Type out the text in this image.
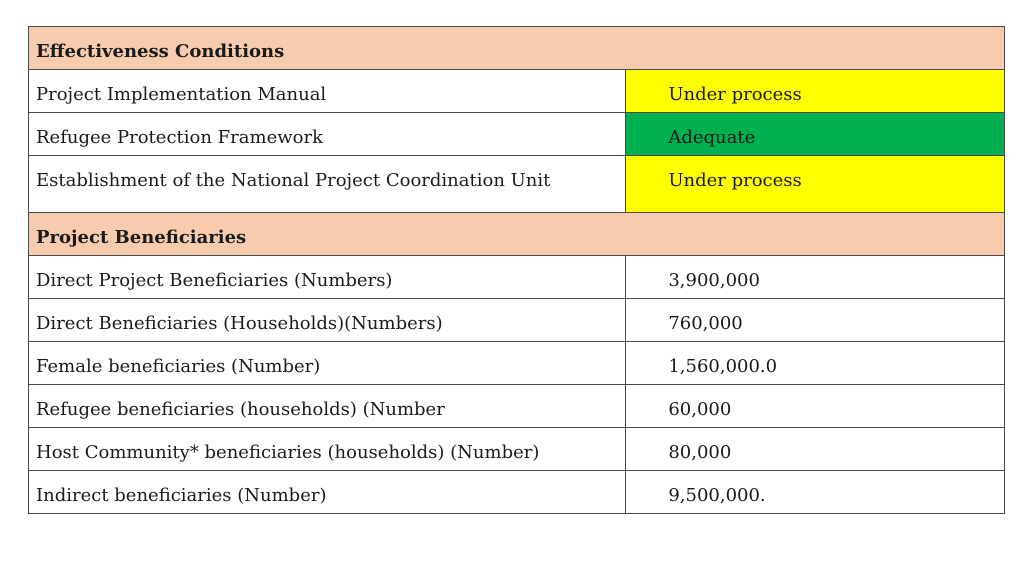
Effectiveness Conditions	
Project Implementation Manual	Under process
Refugee Protection Framework	Adequate
Establishment of the National Project Coordination Unit	Under process
Project Beneficiaries	
Direct Project Beneficiaries (Numbers)	3,900,000
Direct Beneficiaries (Households)(Numbers)	760,000
Female beneficiaries (Number)	1,560,000.0
Refugee beneficiaries (households) (Number	60,000
Host Community* beneficiaries (households) (Number)	80,000
Indirect beneficiaries (Number)	9,500,000.
